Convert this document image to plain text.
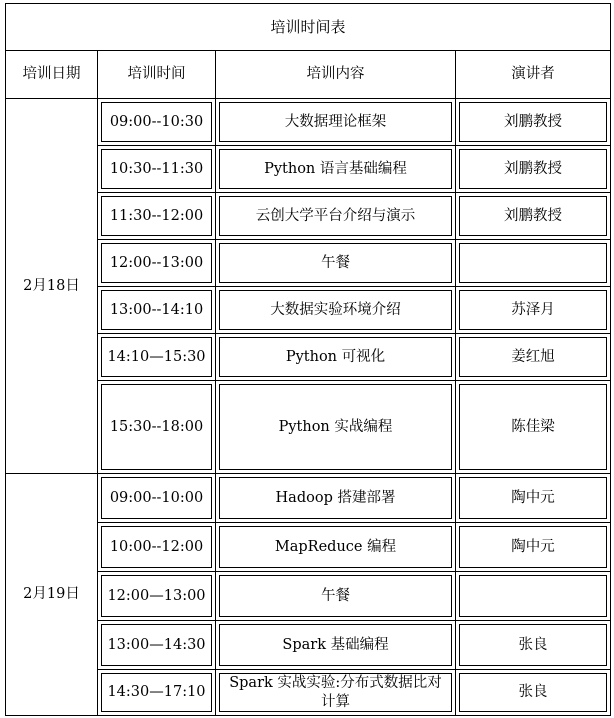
培训时间表			
培训日期	培训时间	培训内容	演讲者
2月18日	09:00--10:30	大数据理论框架	刘鹏教授
	10:30--11:30	Python 语言基础编程	刘鹏教授
	11:30--12:00	云创大学平台介绍与演示	刘鹏教授
	12:00--13:00	午餐	
	13:00--14:10	大数据实验环境介绍	苏泽月
	14:10—15:30	Python 可视化	姜红旭
	15:30--18:00	Python 实战编程	陈佳梁
2月19日	09:00--10:00	Hadoop 搭建部署	陶中元
	10:00--12:00	MapReduce 编程	陶中元
	12:00—13:00	午餐	
	13:00—14:30	Spark 基础编程	张良
	14:30—17:10	Spark 实战实验:分布式数据比对计算	张良
